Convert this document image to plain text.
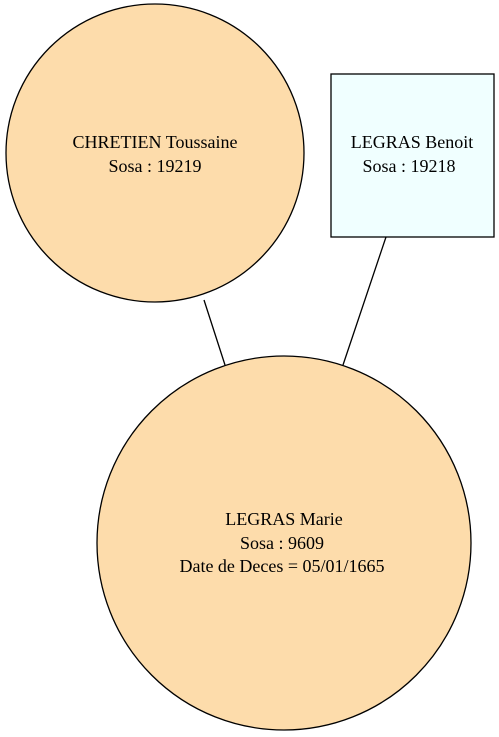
CHRETIEN Toussaine
Sosa : 19219
LEGRAS Benoit
Sosa : 19218
LEGRAS Marie
Sosa : 9609
Date de Deces = 05/01/1665
